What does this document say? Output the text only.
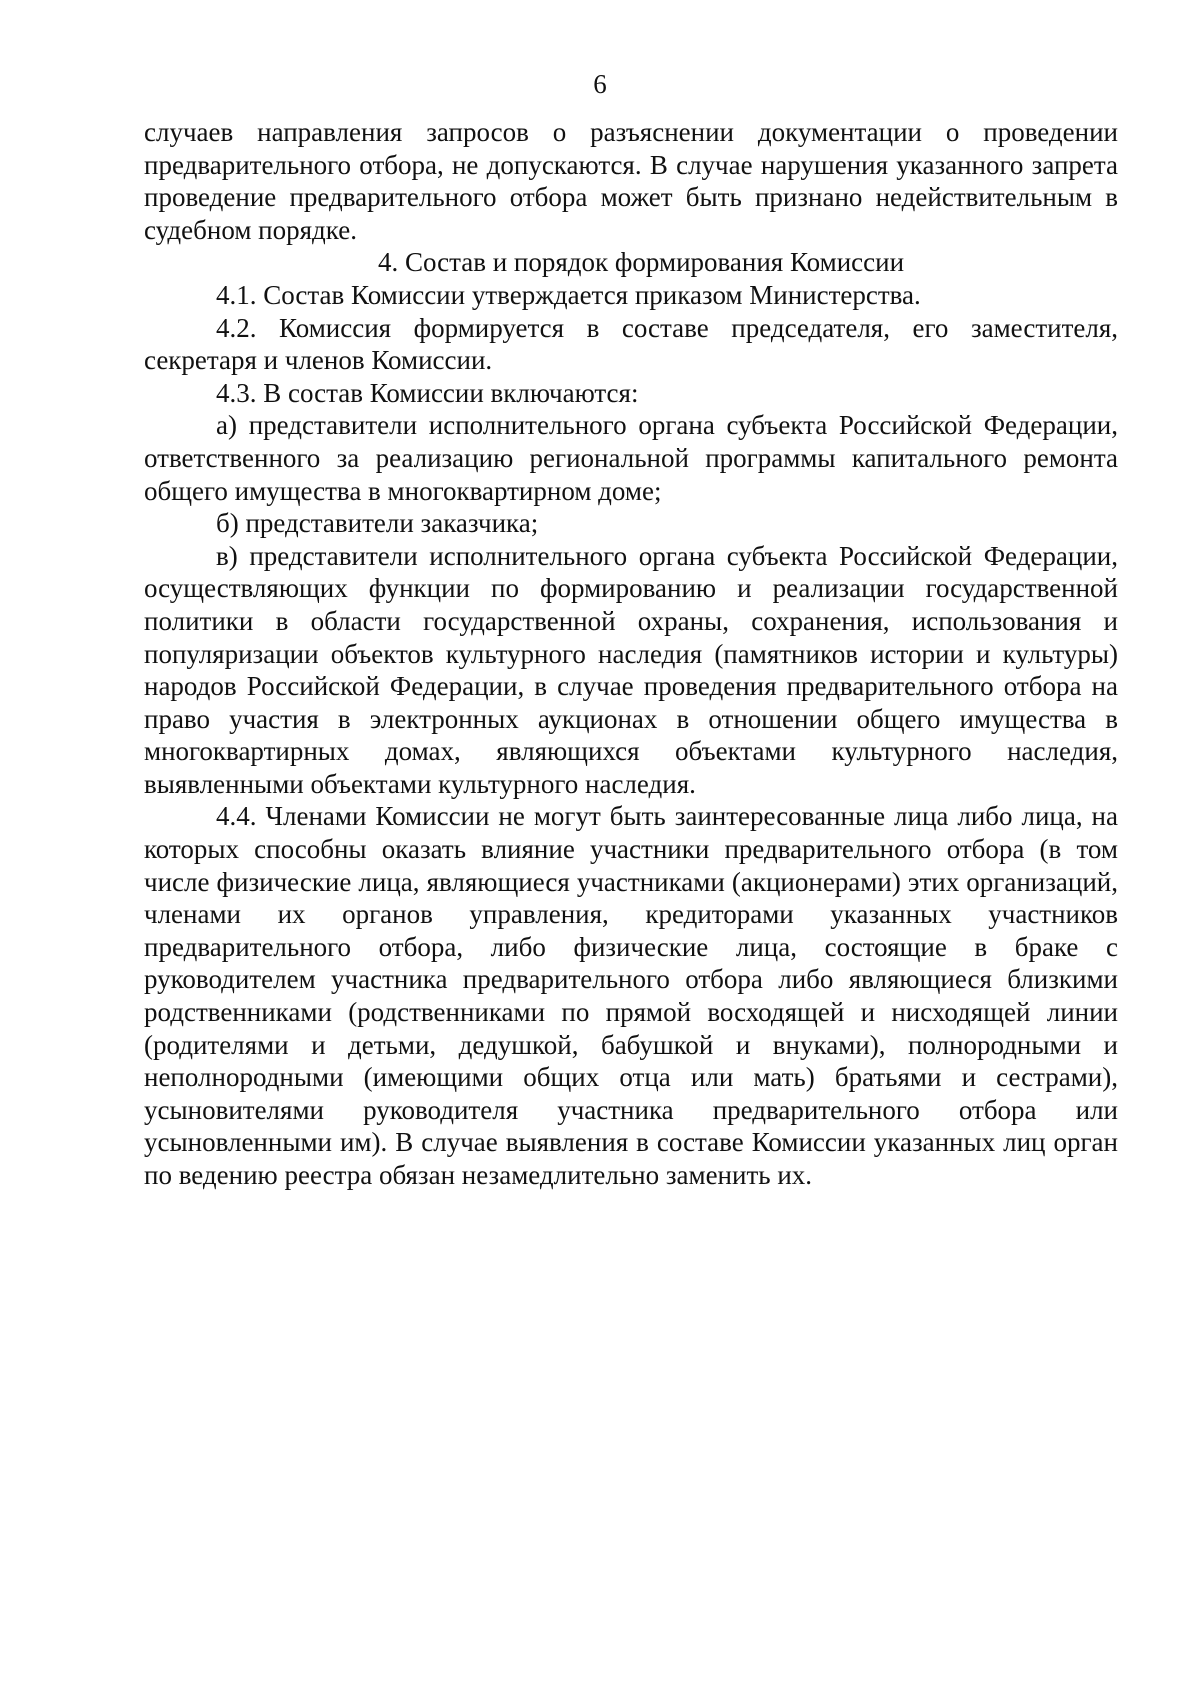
6

случаев направления запросов о разъяснении документации о проведении предварительного отбора, не допускаются. В случае нарушения указанного запрета проведение предварительного отбора может быть признано недействительным в судебном порядке.

4. Состав и порядок формирования Комиссии

4.1. Состав Комиссии утверждается приказом Министерства.

4.2. Комиссия формируется в составе председателя, его заместителя, секретаря и членов Комиссии.

4.3. В состав Комиссии включаются:

а) представители исполнительного органа субъекта Российской Федерации, ответственного за реализацию региональной программы капитального ремонта общего имущества в многоквартирном доме;

б) представители заказчика;

в) представители исполнительного органа субъекта Российской Федерации, осуществляющих функции по формированию и реализации государственной политики в области государственной охраны, сохранения, использования и популяризации объектов культурного наследия (памятников истории и культуры) народов Российской Федерации, в случае проведения предварительного отбора на право участия в электронных аукционах в отношении общего имущества в многоквартирных домах, являющихся объектами культурного наследия, выявленными объектами культурного наследия.

4.4. Членами Комиссии не могут быть заинтересованные лица либо лица, на которых способны оказать влияние участники предварительного отбора (в том числе физические лица, являющиеся участниками (акционерами) этих организаций, членами их органов управления, кредиторами указанных участников предварительного отбора, либо физические лица, состоящие в браке с руководителем участника предварительного отбора либо являющиеся близкими родственниками (родственниками по прямой восходящей и нисходящей линии (родителями и детьми, дедушкой, бабушкой и внуками), полнородными и неполнородными (имеющими общих отца или мать) братьями и сестрами), усыновителями руководителя участника предварительного отбора или усыновленными им). В случае выявления в составе Комиссии указанных лиц орган по ведению реестра обязан незамедлительно заменить их.
